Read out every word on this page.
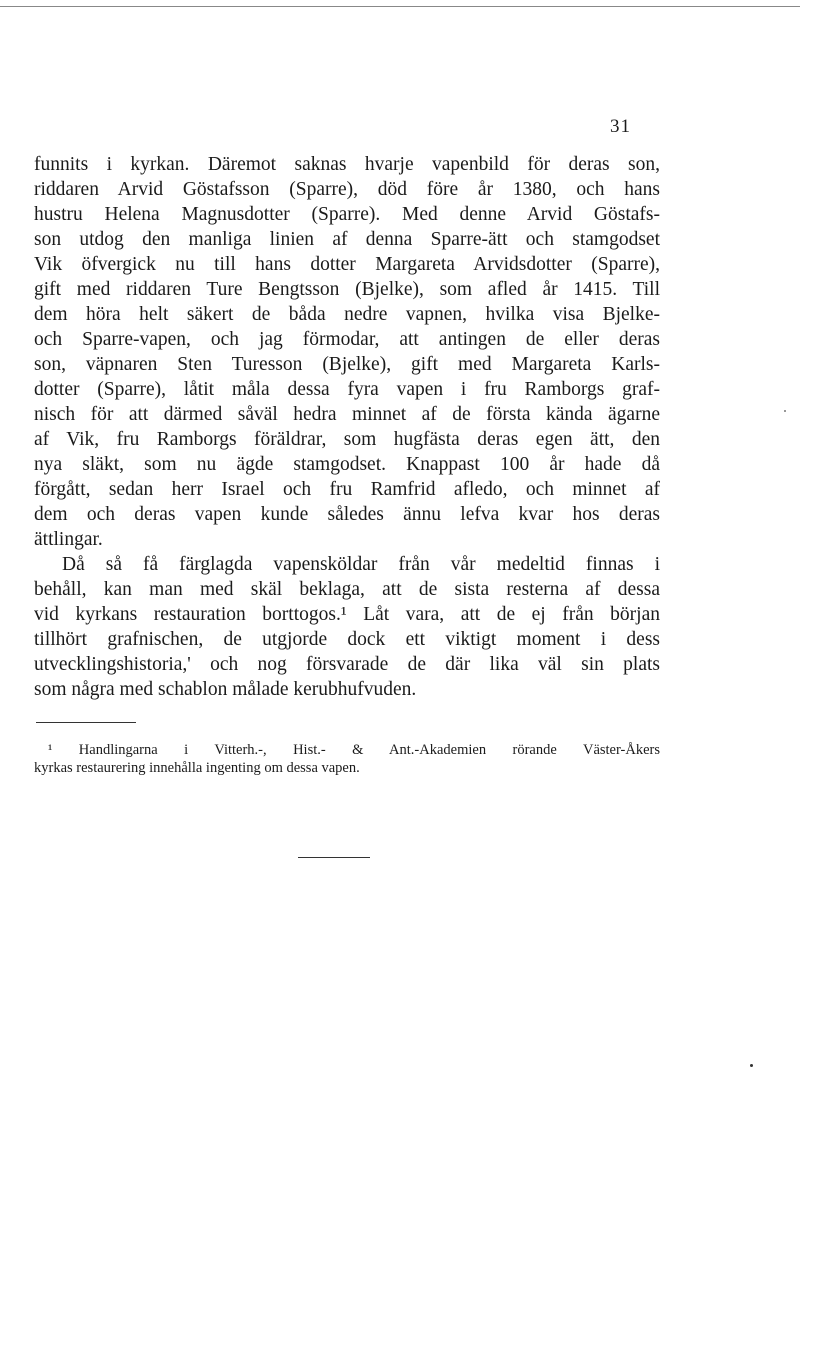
31
funnits i kyrkan. Däremot saknas hvarje vapenbild för deras son,
riddaren Arvid Göstafsson (Sparre), död före år 1380, och hans
hustru Helena Magnusdotter (Sparre). Med denne Arvid Göstafs-
son utdog den manliga linien af denna Sparre-ätt och stamgodset
Vik öfvergick nu till hans dotter Margareta Arvidsdotter (Sparre),
gift med riddaren Ture Bengtsson (Bjelke), som afled år 1415. Till
dem höra helt säkert de båda nedre vapnen, hvilka visa Bjelke-
och Sparre-vapen, och jag förmodar, att antingen de eller deras
son, väpnaren Sten Turesson (Bjelke), gift med Margareta Karls-
dotter (Sparre), låtit måla dessa fyra vapen i fru Ramborgs graf-
nisch för att därmed såväl hedra minnet af de första kända ägarne
af Vik, fru Ramborgs föräldrar, som hugfästa deras egen ätt, den
nya släkt, som nu ägde stamgodset. Knappast 100 år hade då
förgått, sedan herr Israel och fru Ramfrid afledo, och minnet af
dem och deras vapen kunde således ännu lefva kvar hos deras
ättlingar.
Då så få färglagda vapensköldar från vår medeltid finnas i
behåll, kan man med skäl beklaga, att de sista resterna af dessa
vid kyrkans restauration borttogos.¹ Låt vara, att de ej från början
tillhört grafnischen, de utgjorde dock ett viktigt moment i dess
utvecklingshistoria,' och nog försvarade de där lika väl sin plats
som några med schablon målade kerubhufvuden.
¹ Handlingarna i Vitterh.-, Hist.- & Ant.-Akademien rörande Väster-Åkers
kyrkas restaurering innehålla ingenting om dessa vapen.
